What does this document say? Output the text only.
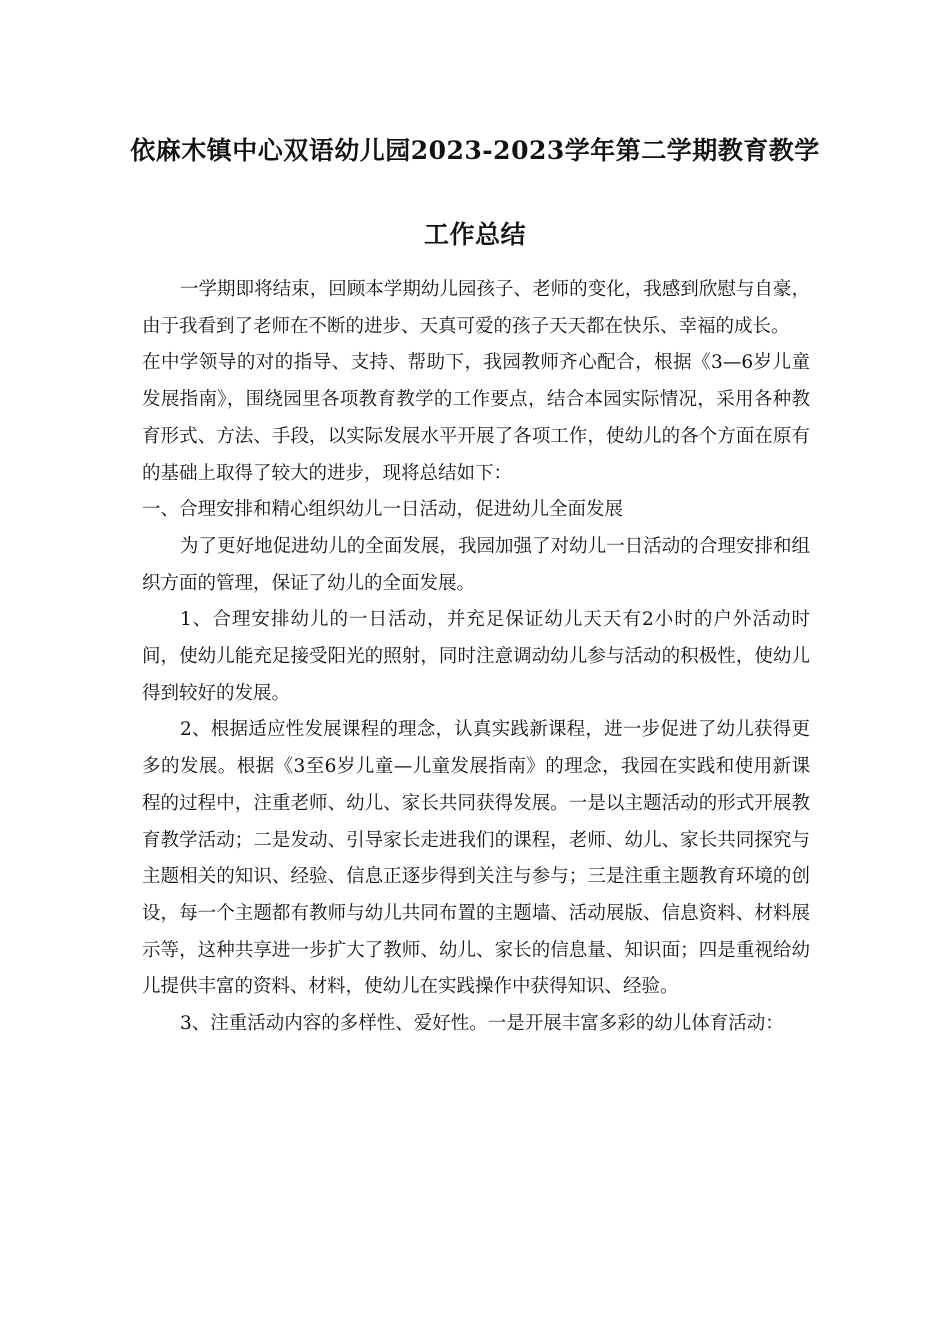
依麻木镇中心双语幼儿园2023-2023学年第二学期教育教学
工作总结

一学期即将结束，回顾本学期幼儿园孩子、老师的变化，我感到欣慰与自豪，由于我看到了老师在不断的进步、天真可爱的孩子天天都在快乐、幸福的成长。

在中学领导的对的指导、支持、帮助下，我园教师齐心配合，根据《3—6岁儿童发展指南》，围绕园里各项教育教学的工作要点，结合本园实际情况，采用各种教育形式、方法、手段，以实际发展水平开展了各项工作，使幼儿的各个方面在原有的基础上取得了较大的进步，现将总结如下：

一、合理安排和精心组织幼儿一日活动，促进幼儿全面发展

为了更好地促进幼儿的全面发展，我园加强了对幼儿一日活动的合理安排和组织方面的管理，保证了幼儿的全面发展。

1、合理安排幼儿的一日活动，并充足保证幼儿天天有2小时的户外活动时间，使幼儿能充足接受阳光的照射，同时注意调动幼儿参与活动的积极性，使幼儿得到较好的发展。

2、根据适应性发展课程的理念，认真实践新课程，进一步促进了幼儿获得更多的发展。根据《3至6岁儿童—儿童发展指南》的理念，我园在实践和使用新课程的过程中，注重老师、幼儿、家长共同获得发展。一是以主题活动的形式开展教育教学活动；二是发动、引导家长走进我们的课程，老师、幼儿、家长共同探究与主题相关的知识、经验、信息正逐步得到关注与参与；三是注重主题教育环境的创设，每一个主题都有教师与幼儿共同布置的主题墙、活动展版、信息资料、材料展示等，这种共享进一步扩大了教师、幼儿、家长的信息量、知识面；四是重视给幼儿提供丰富的资料、材料，使幼儿在实践操作中获得知识、经验。

3、注重活动内容的多样性、爱好性。一是开展丰富多彩的幼儿体育活动：
